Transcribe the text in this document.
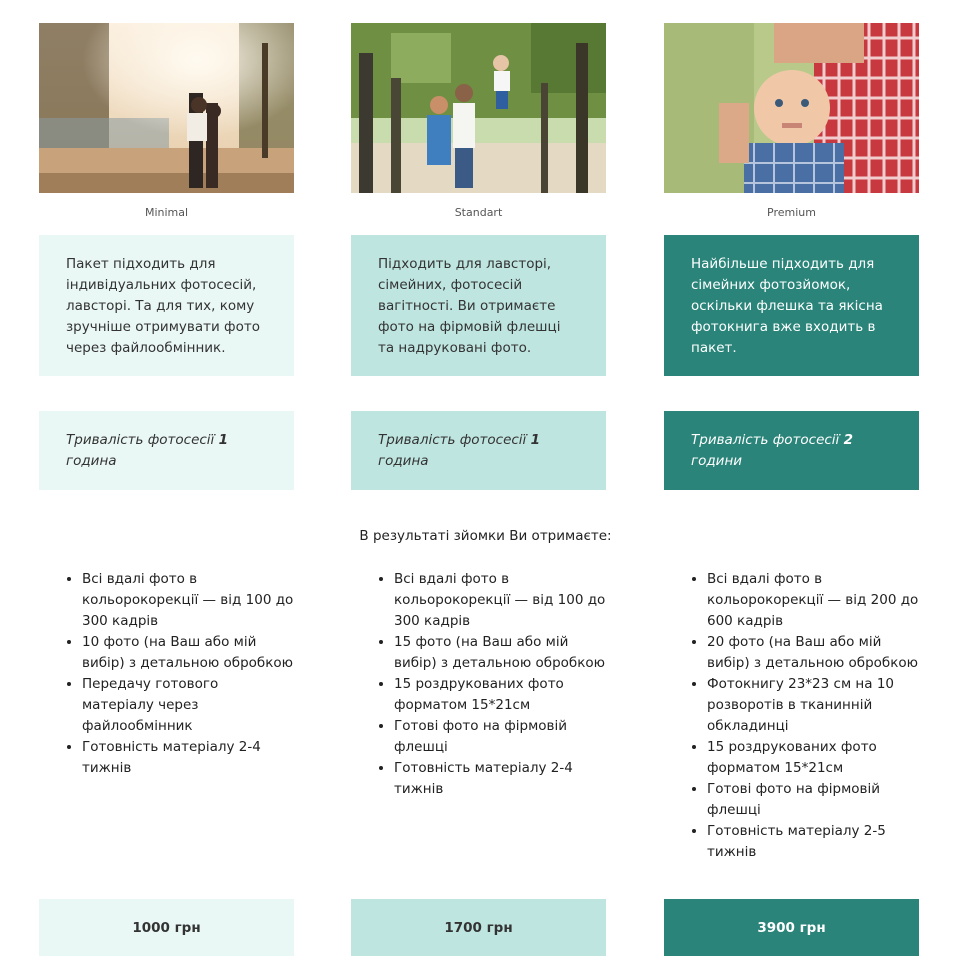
Minimal
Пакет підходить для індивідуальних фотосесій, лавсторі. Та для тих, кому зручніше отримувати фото через файлообмінник.
Тривалість фотосесії 1 година
• Всі вдалі фото в кольорокорекції — від 100 до 300 кадрів
• 10 фото (на Ваш або мій вибір) з детальною обробкою
• Передачу готового матеріалу через файлообмінник
• Готовність матеріалу 2-4 тижнів
1000 грн
Standart
Підходить для лавсторі, сімейних, фотосесій вагітності. Ви отримаєте фото на фірмовій флешці та надруковані фото.
Тривалість фотосесії 1 година
• Всі вдалі фото в кольорокорекції — від 100 до 300 кадрів
• 15 фото (на Ваш або мій вибір) з детальною обробкою
• 15 роздрукованих фото форматом 15*21см
• Готові фото на фірмовій флешці
• Готовність матеріалу 2-4 тижнів
1700 грн
Premium
Найбільше підходить для сімейних фотозйомок, оскільки флешка та якісна фотокнига вже входить в пакет.
Тривалість фотосесії 2 години
• Всі вдалі фото в кольорокорекції — від 200 до 600 кадрів
• 20 фото (на Ваш або мій вибір) з детальною обробкою
• Фотокнигу 23*23 см на 10 розворотів в тканинній обкладинці
• 15 роздрукованих фото форматом 15*21см
• Готові фото на фірмовій флешці
• Готовність матеріалу 2-5 тижнів
3900 грн
В результаті зйомки Ви отримаєте:
